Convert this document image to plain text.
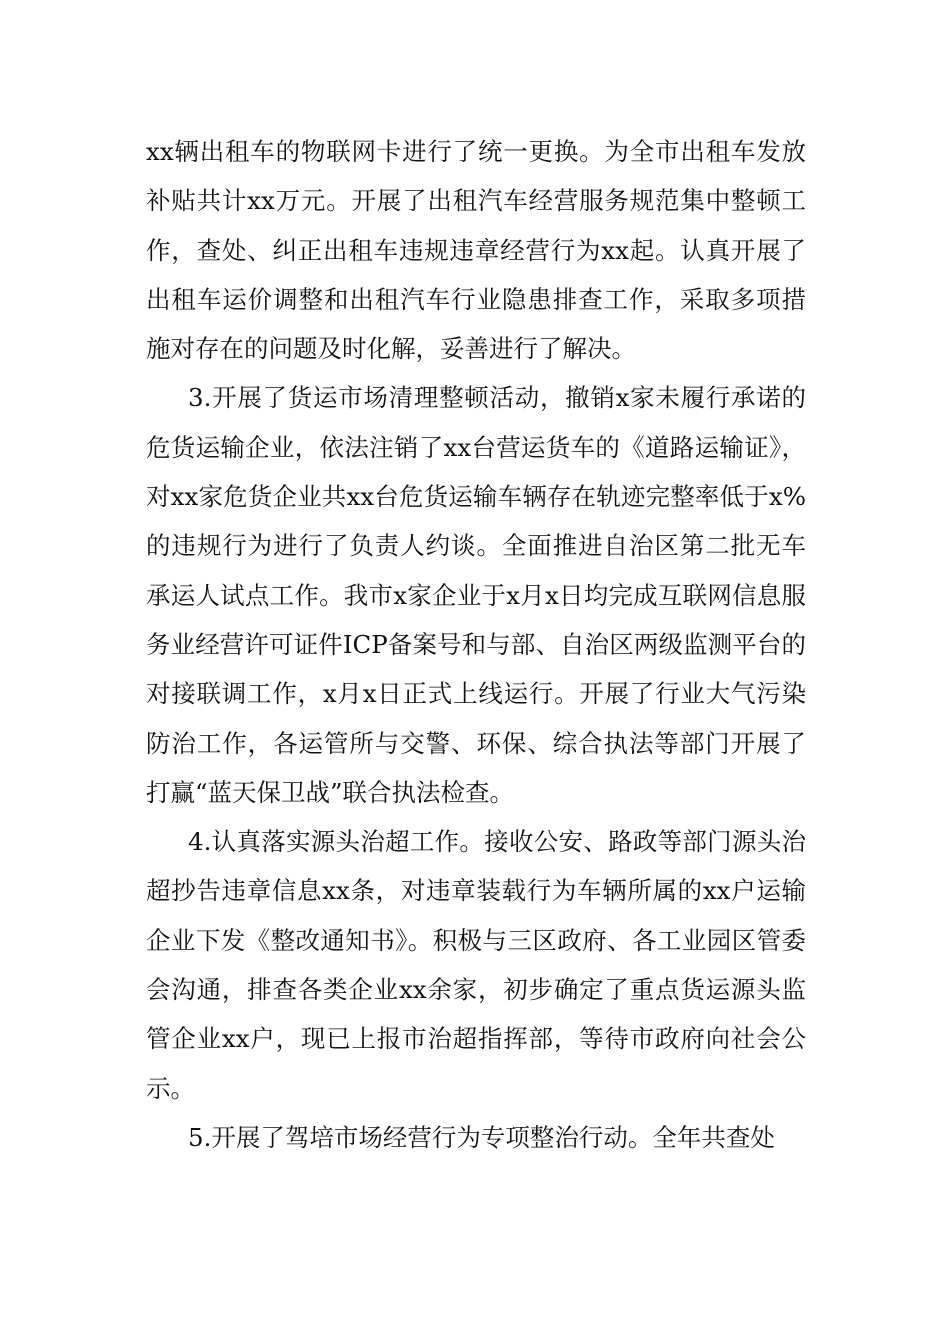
xx辆出租车的物联网卡进行了统一更换。为全市出租车发放补贴共计xx万元。开展了出租汽车经营服务规范集中整顿工作，查处、纠正出租车违规违章经营行为xx起。认真开展了出租车运价调整和出租汽车行业隐患排查工作，采取多项措施对存在的问题及时化解，妥善进行了解决。

3.开展了货运市场清理整顿活动，撤销x家未履行承诺的危货运输企业，依法注销了xx台营运货车的《道路运输证》，对xx家危货企业共xx台危货运输车辆存在轨迹完整率低于x%的违规行为进行了负责人约谈。全面推进自治区第二批无车承运人试点工作。我市x家企业于x月x日均完成互联网信息服务业经营许可证件ICP备案号和与部、自治区两级监测平台的对接联调工作，x月x日正式上线运行。开展了行业大气污染防治工作，各运管所与交警、环保、综合执法等部门开展了打赢“蓝天保卫战”联合执法检查。

4.认真落实源头治超工作。接收公安、路政等部门源头治超抄告违章信息xx条，对违章装载行为车辆所属的xx户运输企业下发《整改通知书》。积极与三区政府、各工业园区管委会沟通，排查各类企业xx余家，初步确定了重点货运源头监管企业xx户，现已上报市治超指挥部，等待市政府向社会公示。

5.开展了驾培市场经营行为专项整治行动。全年共查处
